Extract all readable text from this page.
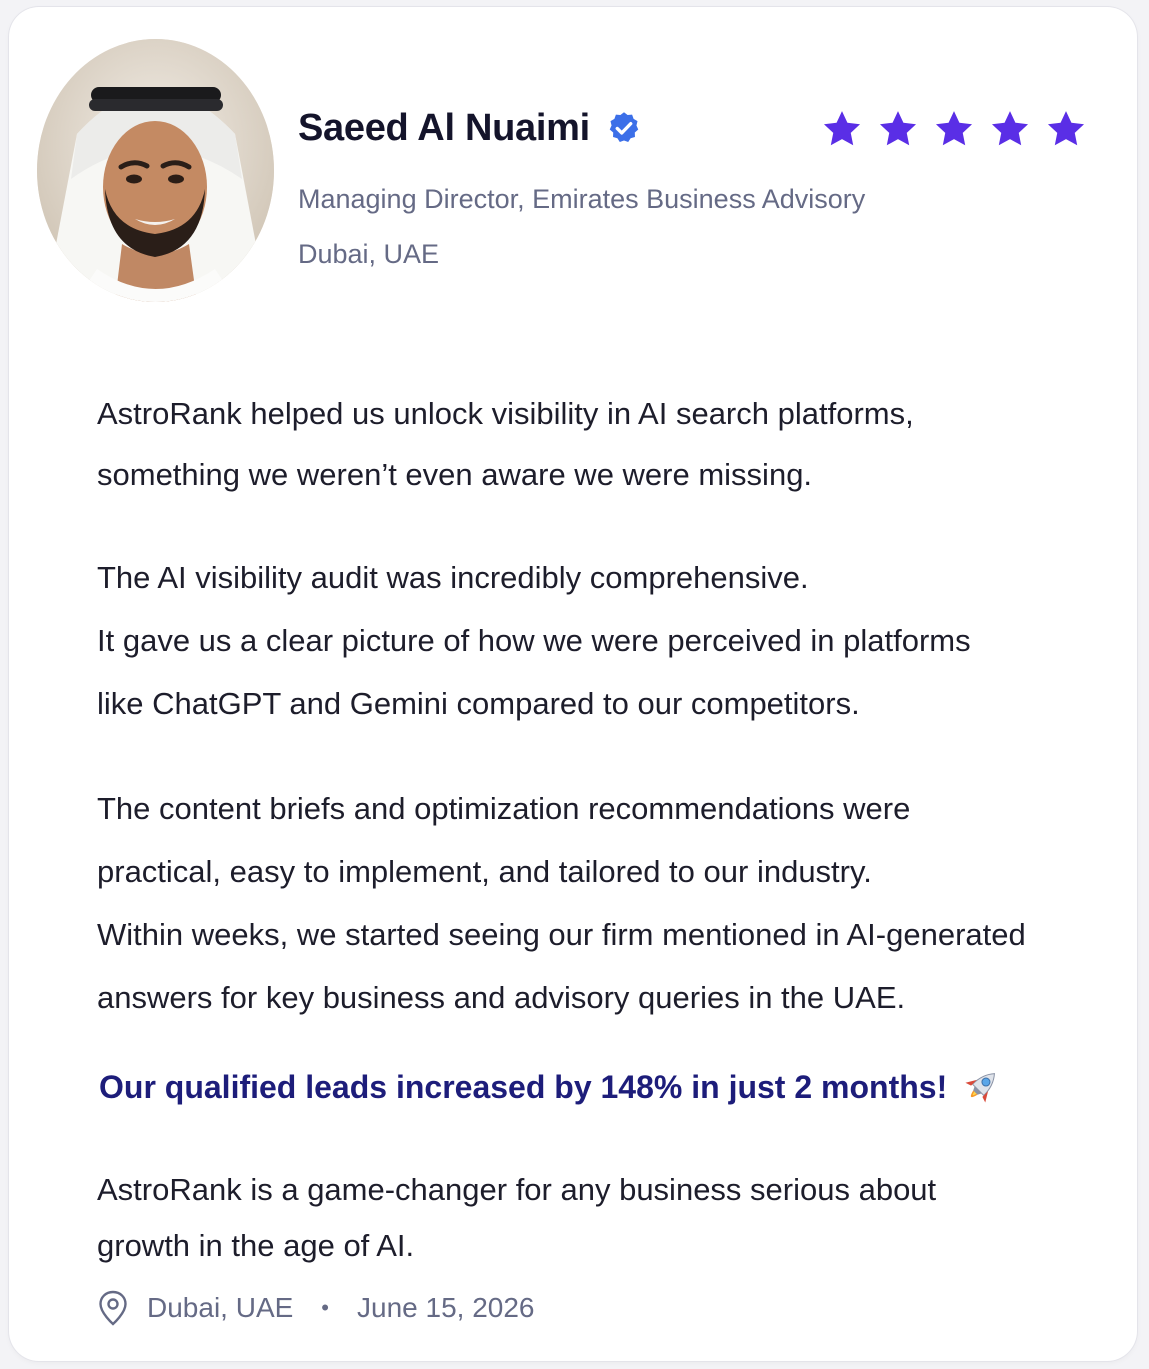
Saeed Al Nuaimi
Managing Director, Emirates Business Advisory
Dubai, UAE

AstroRank helped us unlock visibility in AI search platforms,
something we weren’t even aware we were missing.

The AI visibility audit was incredibly comprehensive.
It gave us a clear picture of how we were perceived in platforms
like ChatGPT and Gemini compared to our competitors.

The content briefs and optimization recommendations were
practical, easy to implement, and tailored to our industry.
Within weeks, we started seeing our firm mentioned in AI-generated
answers for key business and advisory queries in the UAE.

Our qualified leads increased by 148% in just 2 months!

AstroRank is a game-changer for any business serious about
growth in the age of AI.

Dubai, UAE • June 15, 2026
